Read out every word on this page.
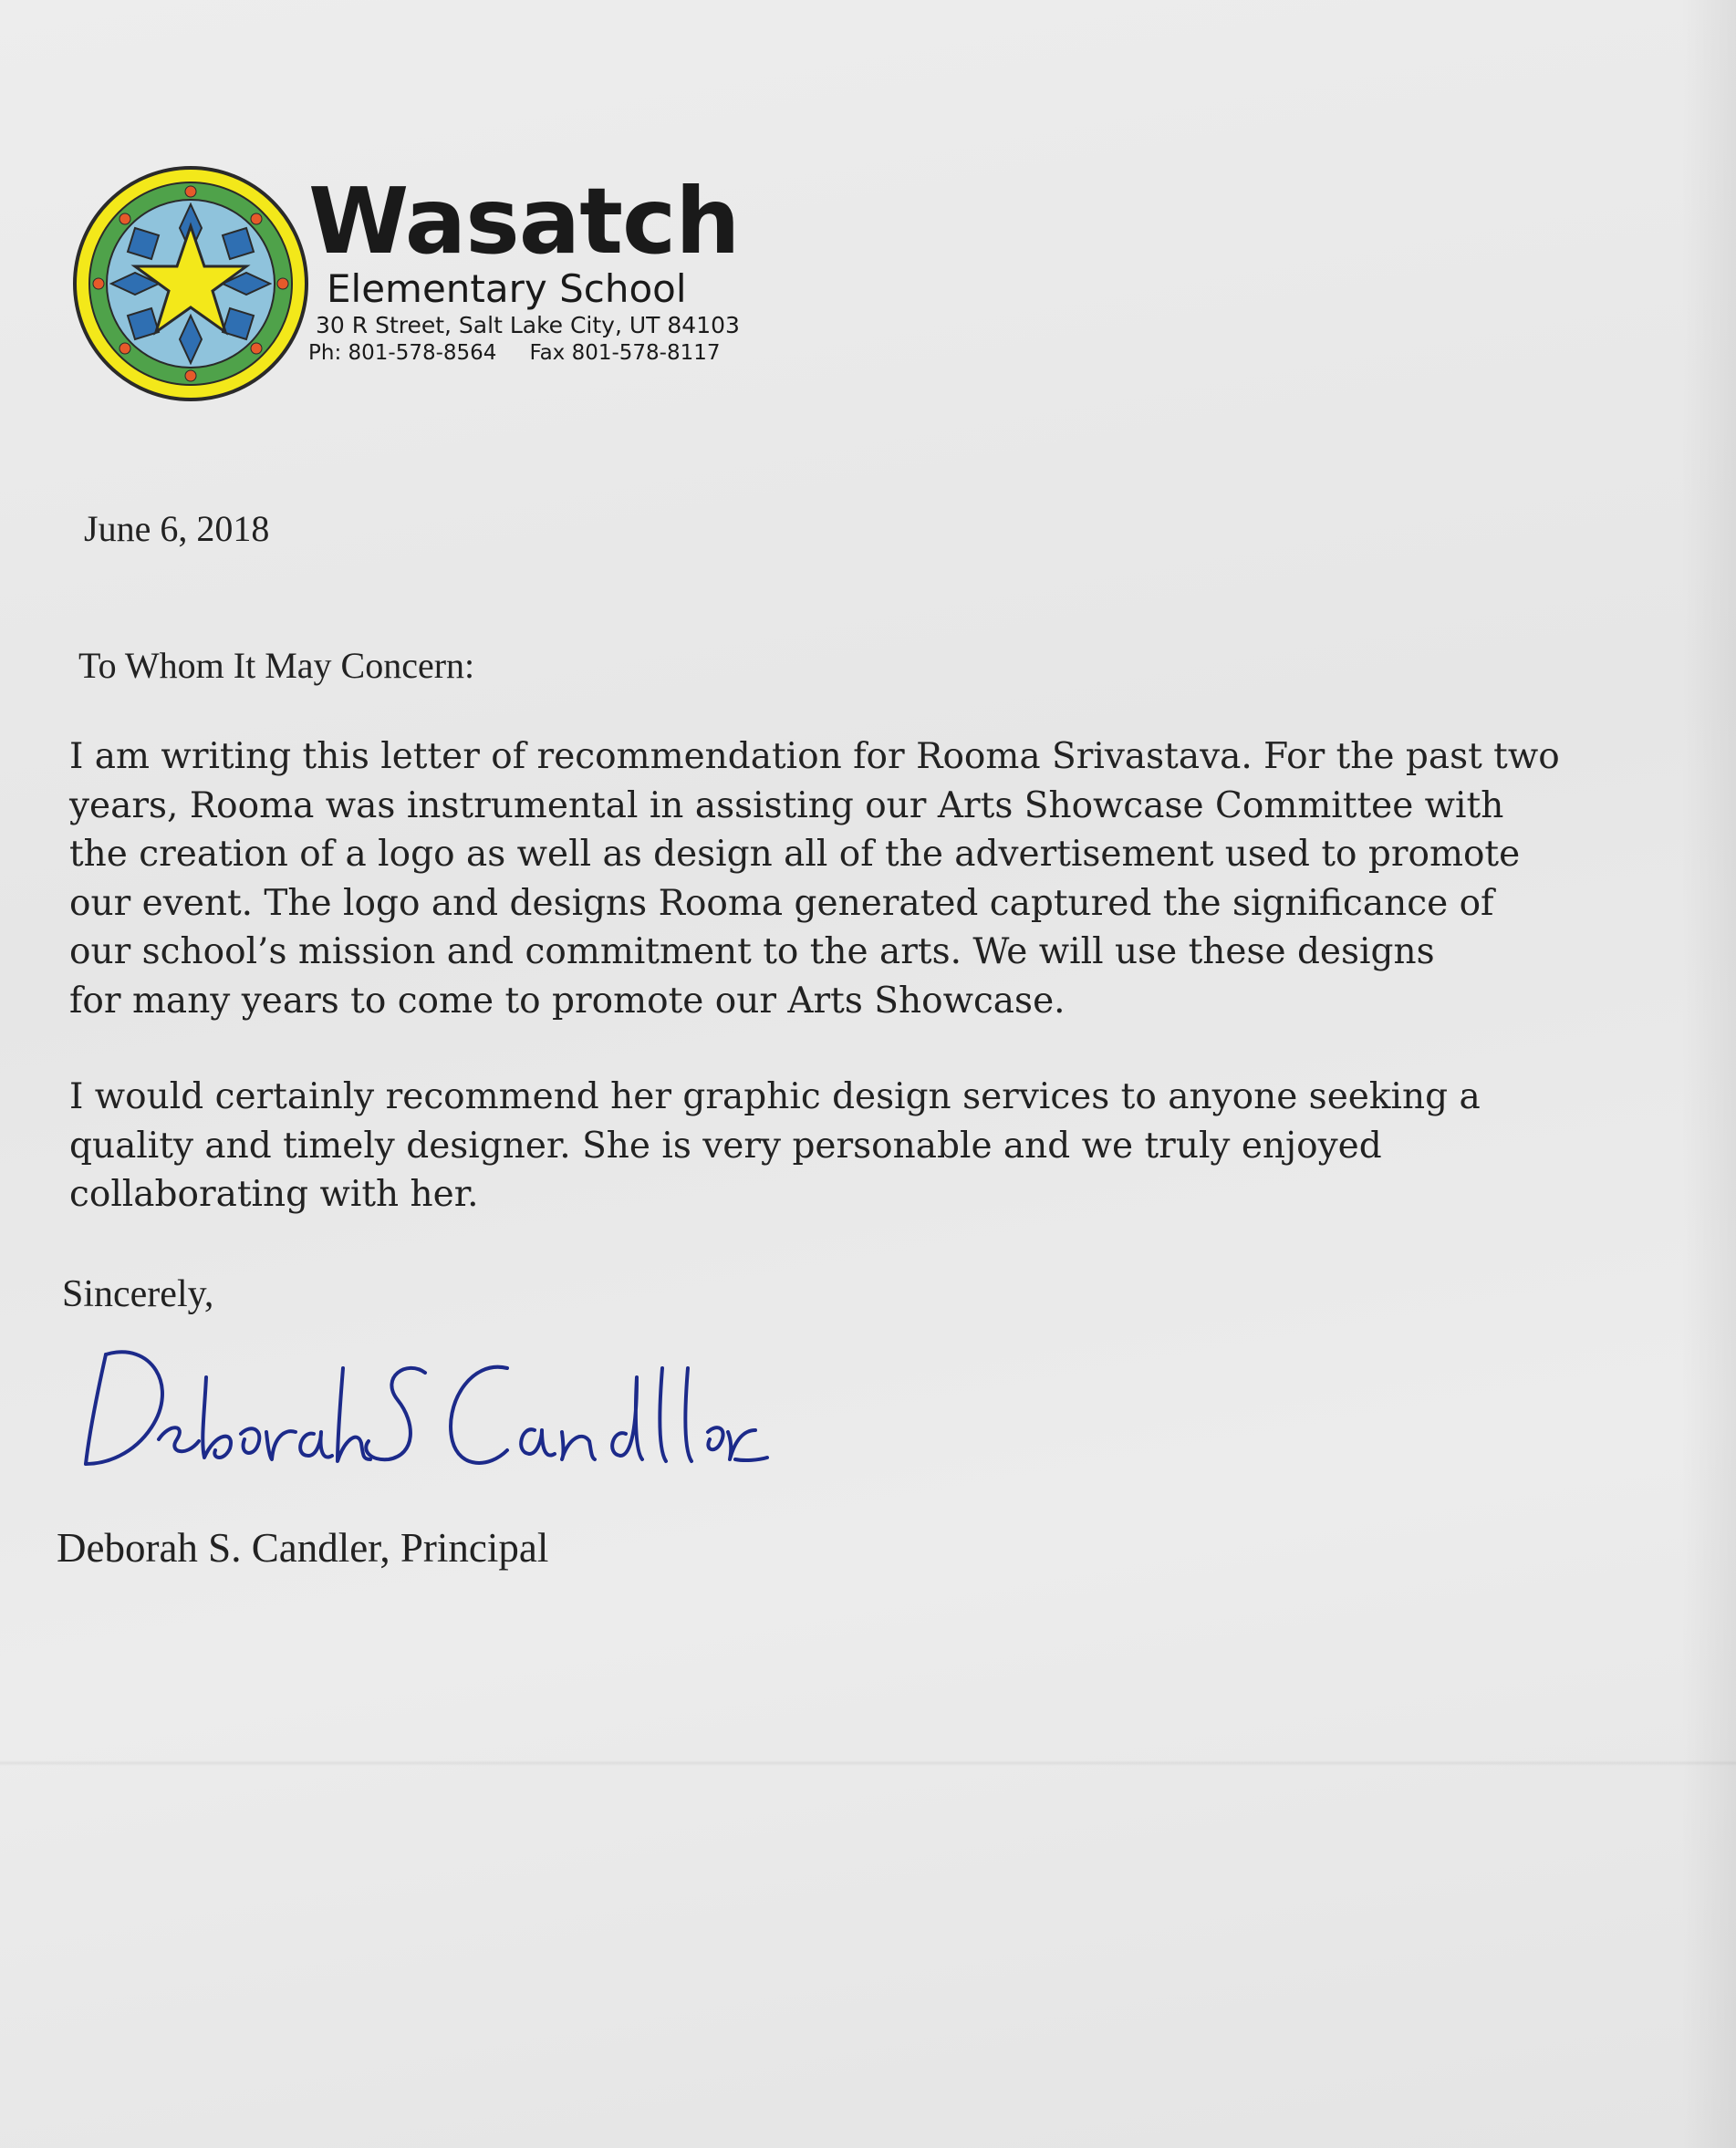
Wasatch
Elementary School
30 R Street, Salt Lake City, UT 84103
Ph: 801-578-8564 Fax 801-578-8117
June 6, 2018
To Whom It May Concern:
I am writing this letter of recommendation for Rooma Srivastava. For the past two
years, Rooma was instrumental in assisting our Arts Showcase Committee with
the creation of a logo as well as design all of the advertisement used to promote
our event. The logo and designs Rooma generated captured the significance of
our school’s mission and commitment to the arts. We will use these designs
for many years to come to promote our Arts Showcase.
I would certainly recommend her graphic design services to anyone seeking a
quality and timely designer. She is very personable and we truly enjoyed
collaborating with her.
Sincerely,
Deborah S. Candler, Principal
